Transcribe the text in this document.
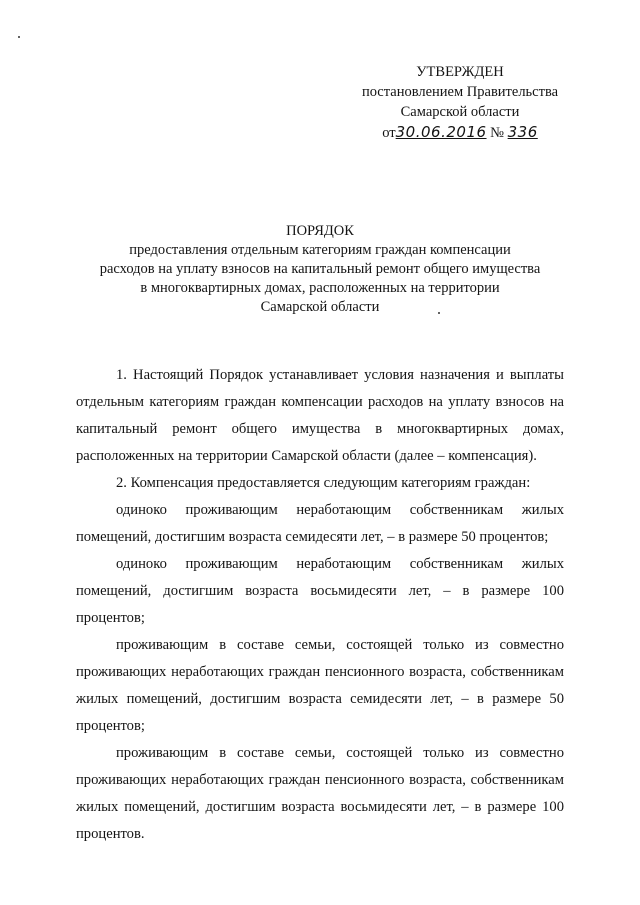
УТВЕРЖДЕН
постановлением Правительства
Самарской области
от30.06.2016 № 336
ПОРЯДОК
предоставления отдельным категориям граждан компенсации
расходов на уплату взносов на капитальный ремонт общего имущества
в многоквартирных домах, расположенных на территории
Самарской области

1. Настоящий Порядок устанавливает условия назначения и выплаты отдельным категориям граждан компенсации расходов на уплату взносов на капитальный ремонт общего имущества в многоквартирных домах, расположенных на территории Самарской области (далее – компенсация).

2. Компенсация предоставляется следующим категориям граждан:

одиноко проживающим неработающим собственникам жилых помещений, достигшим возраста семидесяти лет, – в размере 50 процентов;

одиноко проживающим неработающим собственникам жилых помещений, достигшим возраста восьмидесяти лет, – в размере 100 процентов;

проживающим в составе семьи, состоящей только из совместно проживающих неработающих граждан пенсионного возраста, собственникам жилых помещений, достигшим возраста семидесяти лет, – в размере 50 процентов;

проживающим в составе семьи, состоящей только из совместно проживающих неработающих граждан пенсионного возраста, собственникам жилых помещений, достигшим возраста восьмидесяти лет, – в размере 100 процентов.
